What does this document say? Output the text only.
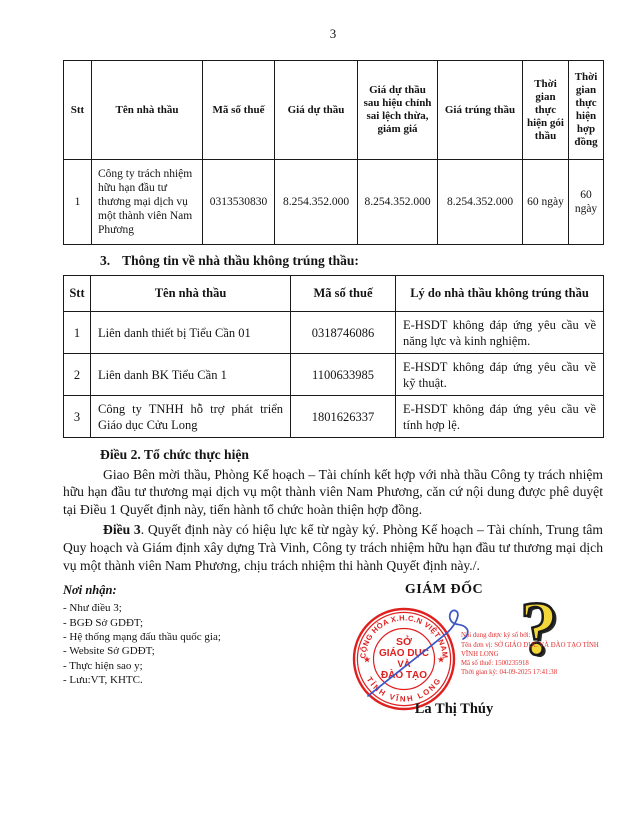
3
Stt	Tên nhà thầu	Mã số thuế	Giá dự thầu	Giá dự thầu sau hiệu chỉnh sai lệch thừa, giảm giá	Giá trúng thầu	Thời gian thực hiện gói thầu	Thời gian thực hiện hợp đồng
1	Công ty trách nhiệm hữu hạn đầu tư thương mại dịch vụ một thành viên Nam Phương	0313530830	8.254.352.000	8.254.352.000	8.254.352.000	60 ngày	60 ngày
3. Thông tin về nhà thầu không trúng thầu:
Stt	Tên nhà thầu	Mã số thuế	Lý do nhà thầu không trúng thầu
1	Liên danh thiết bị Tiểu Cần 01	0318746086	E-HSDT không đáp ứng yêu cầu về năng lực và kinh nghiệm.
2	Liên danh BK Tiểu Cần 1	1100633985	E-HSDT không đáp ứng yêu cầu về kỹ thuật.
3	Công ty TNHH hỗ trợ phát triển Giáo dục Cửu Long	1801626337	E-HSDT không đáp ứng yêu cầu về tính hợp lệ.
Điều 2. Tổ chức thực hiện

Giao Bên mời thầu, Phòng Kế hoạch – Tài chính kết hợp với nhà thầu Công ty trách nhiệm hữu hạn đầu tư thương mại dịch vụ một thành viên Nam Phương, căn cứ nội dung được phê duyệt tại Điều 1 Quyết định này, tiến hành tổ chức hoàn thiện hợp đồng.

Điều 3. Quyết định này có hiệu lực kể từ ngày ký. Phòng Kế hoạch – Tài chính, Trung tâm Quy hoạch và Giám định xây dựng Trà Vinh, Công ty trách nhiệm hữu hạn đầu tư thương mại dịch vụ một thành viên Nam Phương, chịu trách nhiệm thi hành Quyết định này./.

Nơi nhận:
- Như điều 3;
- BGĐ Sở GDĐT;
- Hệ thống mạng đấu thầu quốc gia;
- Website Sở GDĐT;
- Thực hiện sao y;
- Lưu:VT, KHTC.
GIÁM ĐỐC ?
CỘNG HÒA X.H.C.N VIỆT NAM
TỈNH VĨNH LONG
★	★
SỞ
GIÁO DỤC
VÀ
ĐÀO TẠO
Nội dung được ký số bởi:
Tên đơn vị: SỞ GIÁO DỤC VÀ ĐÀO TẠO TỈNH VĨNH LONG
Mã số thuế: 1500235918
Thời gian ký: 04-09-2025 17:41:38
La Thị Thúy
